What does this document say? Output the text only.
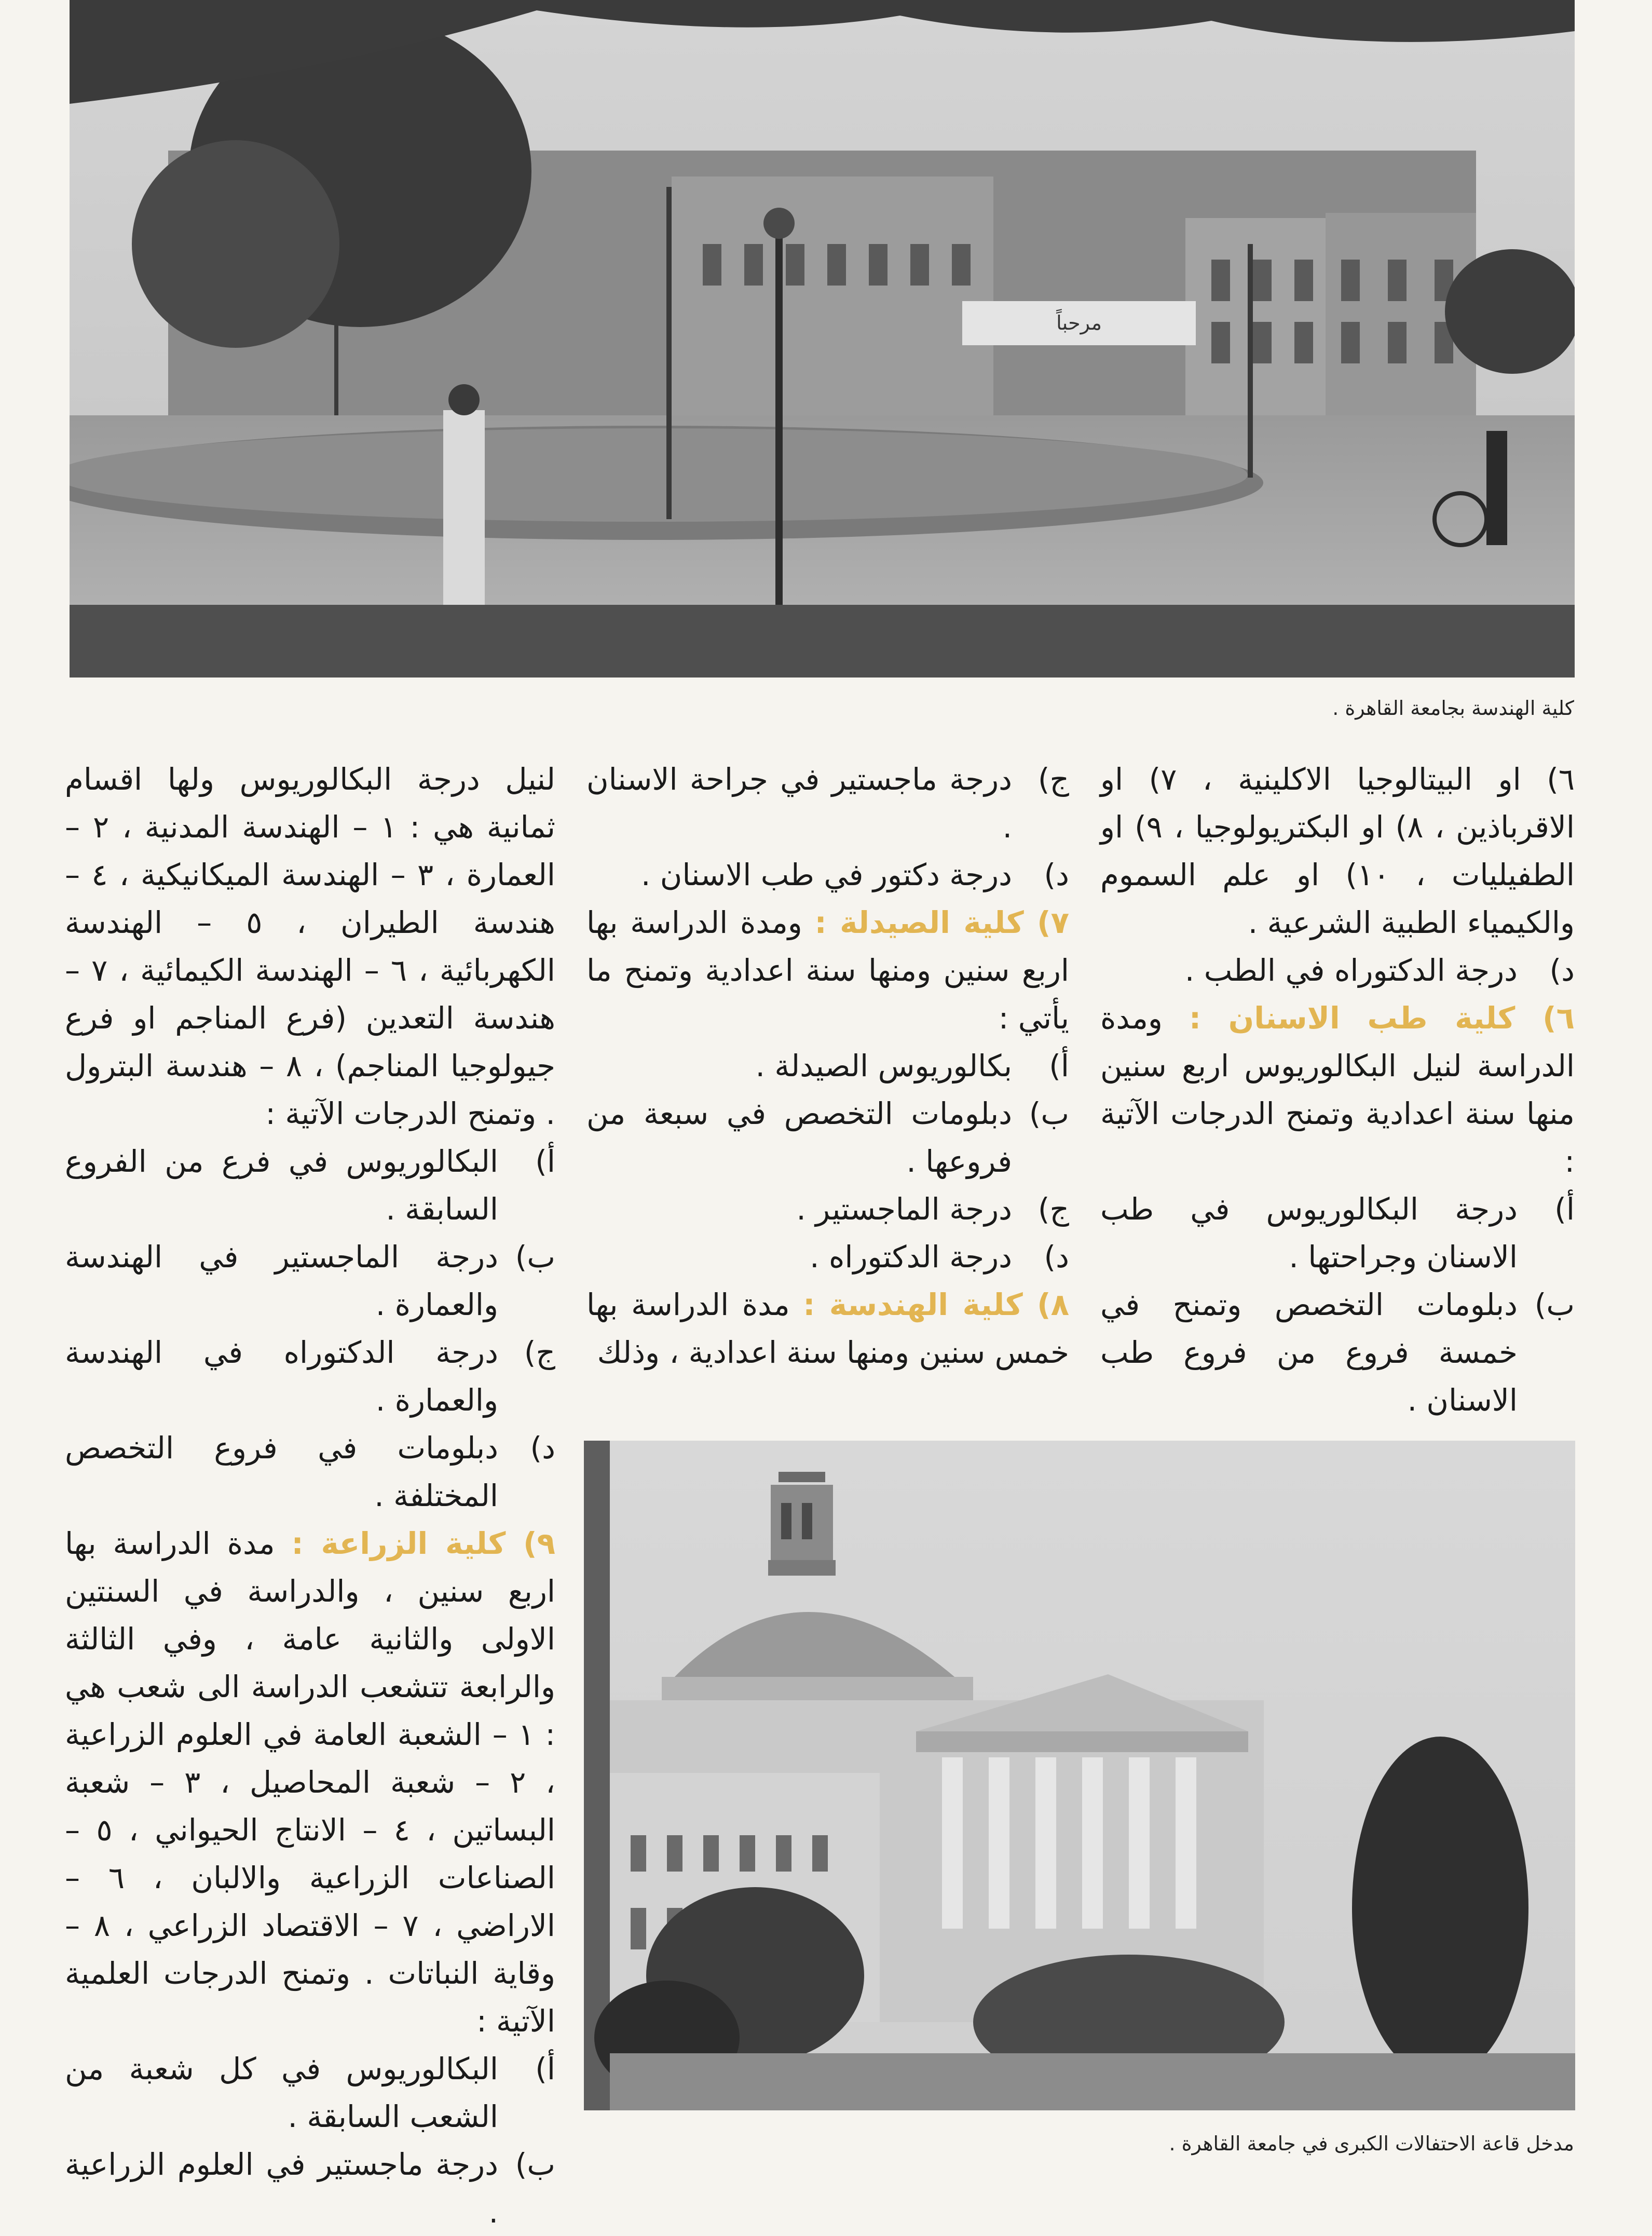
مرحباً
كلية الهندسة بجامعة القاهرة .

٦) او البيتالوجيا الاكلينية ، ٧) او الاقرباذين ، ٨) او البكتريولوجيا ، ٩) او الطفيليات ، ١٠) او علم السموم والكيمياء الطبية الشرعية .

د)
درجة الدكتوراه في الطب .

٦) كلية طب الاسنان : ومدة الدراسة لنيل البكالوريوس اربع سنين منها سنة اعدادية وتمنح الدرجات الآتية :

أ)
درجة البكالوريوس في طب الاسنان وجراحتها .
ب)
دبلومات التخصص وتمنح في خمسة فروع من فروع طب الاسنان .
ج)
درجة ماجستير في جراحة الاسنان .
د)
درجة دكتور في طب الاسنان .

٧) كلية الصيدلة : ومدة الدراسة بها اربع سنين ومنها سنة اعدادية وتمنح ما يأتي :

أ)
بكالوريوس الصيدلة .
ب)
دبلومات التخصص في سبعة من فروعها .
ج)
درجة الماجستير .
د)
درجة الدكتوراه .

٨) كلية الهندسة : مدة الدراسة بها خمس سنين ومنها سنة اعدادية ، وذلك

لنيل درجة البكالوريوس ولها اقسام ثمانية هي : ١ – الهندسة المدنية ، ٢ – العمارة ، ٣ – الهندسة الميكانيكية ، ٤ – هندسة الطيران ، ٥ – الهندسة الكهربائية ، ٦ – الهندسة الكيمائية ، ٧ – هندسة التعدين (فرع المناجم او فرع جيولوجيا المناجم) ، ٨ – هندسة البترول . وتمنح الدرجات الآتية :

أ)
البكالوريوس في فرع من الفروع السابقة .
ب)
درجة الماجستير في الهندسة والعمارة .
ج)
درجة الدكتوراه في الهندسة والعمارة .
د)
دبلومات في فروع التخصص المختلفة .

٩) كلية الزراعة : مدة الدراسة بها اربع سنين ، والدراسة في السنتين الاولى والثانية عامة ، وفي الثالثة والرابعة تتشعب الدراسة الى شعب هي : ١ – الشعبة العامة في العلوم الزراعية ، ٢ – شعبة المحاصيل ، ٣ – شعبة البساتين ، ٤ – الانتاج الحيواني ، ٥ – الصناعات الزراعية والالبان ، ٦ – الاراضي ، ٧ – الاقتصاد الزراعي ، ٨ – وقاية النباتات . وتمنح الدرجات العلمية الآتية :

أ)
البكالوريوس في كل شعبة من الشعب السابقة .
ب)
درجة ماجستير في العلوم الزراعية .
مدخل قاعة الاحتفالات الكبرى في جامعة القاهرة .
